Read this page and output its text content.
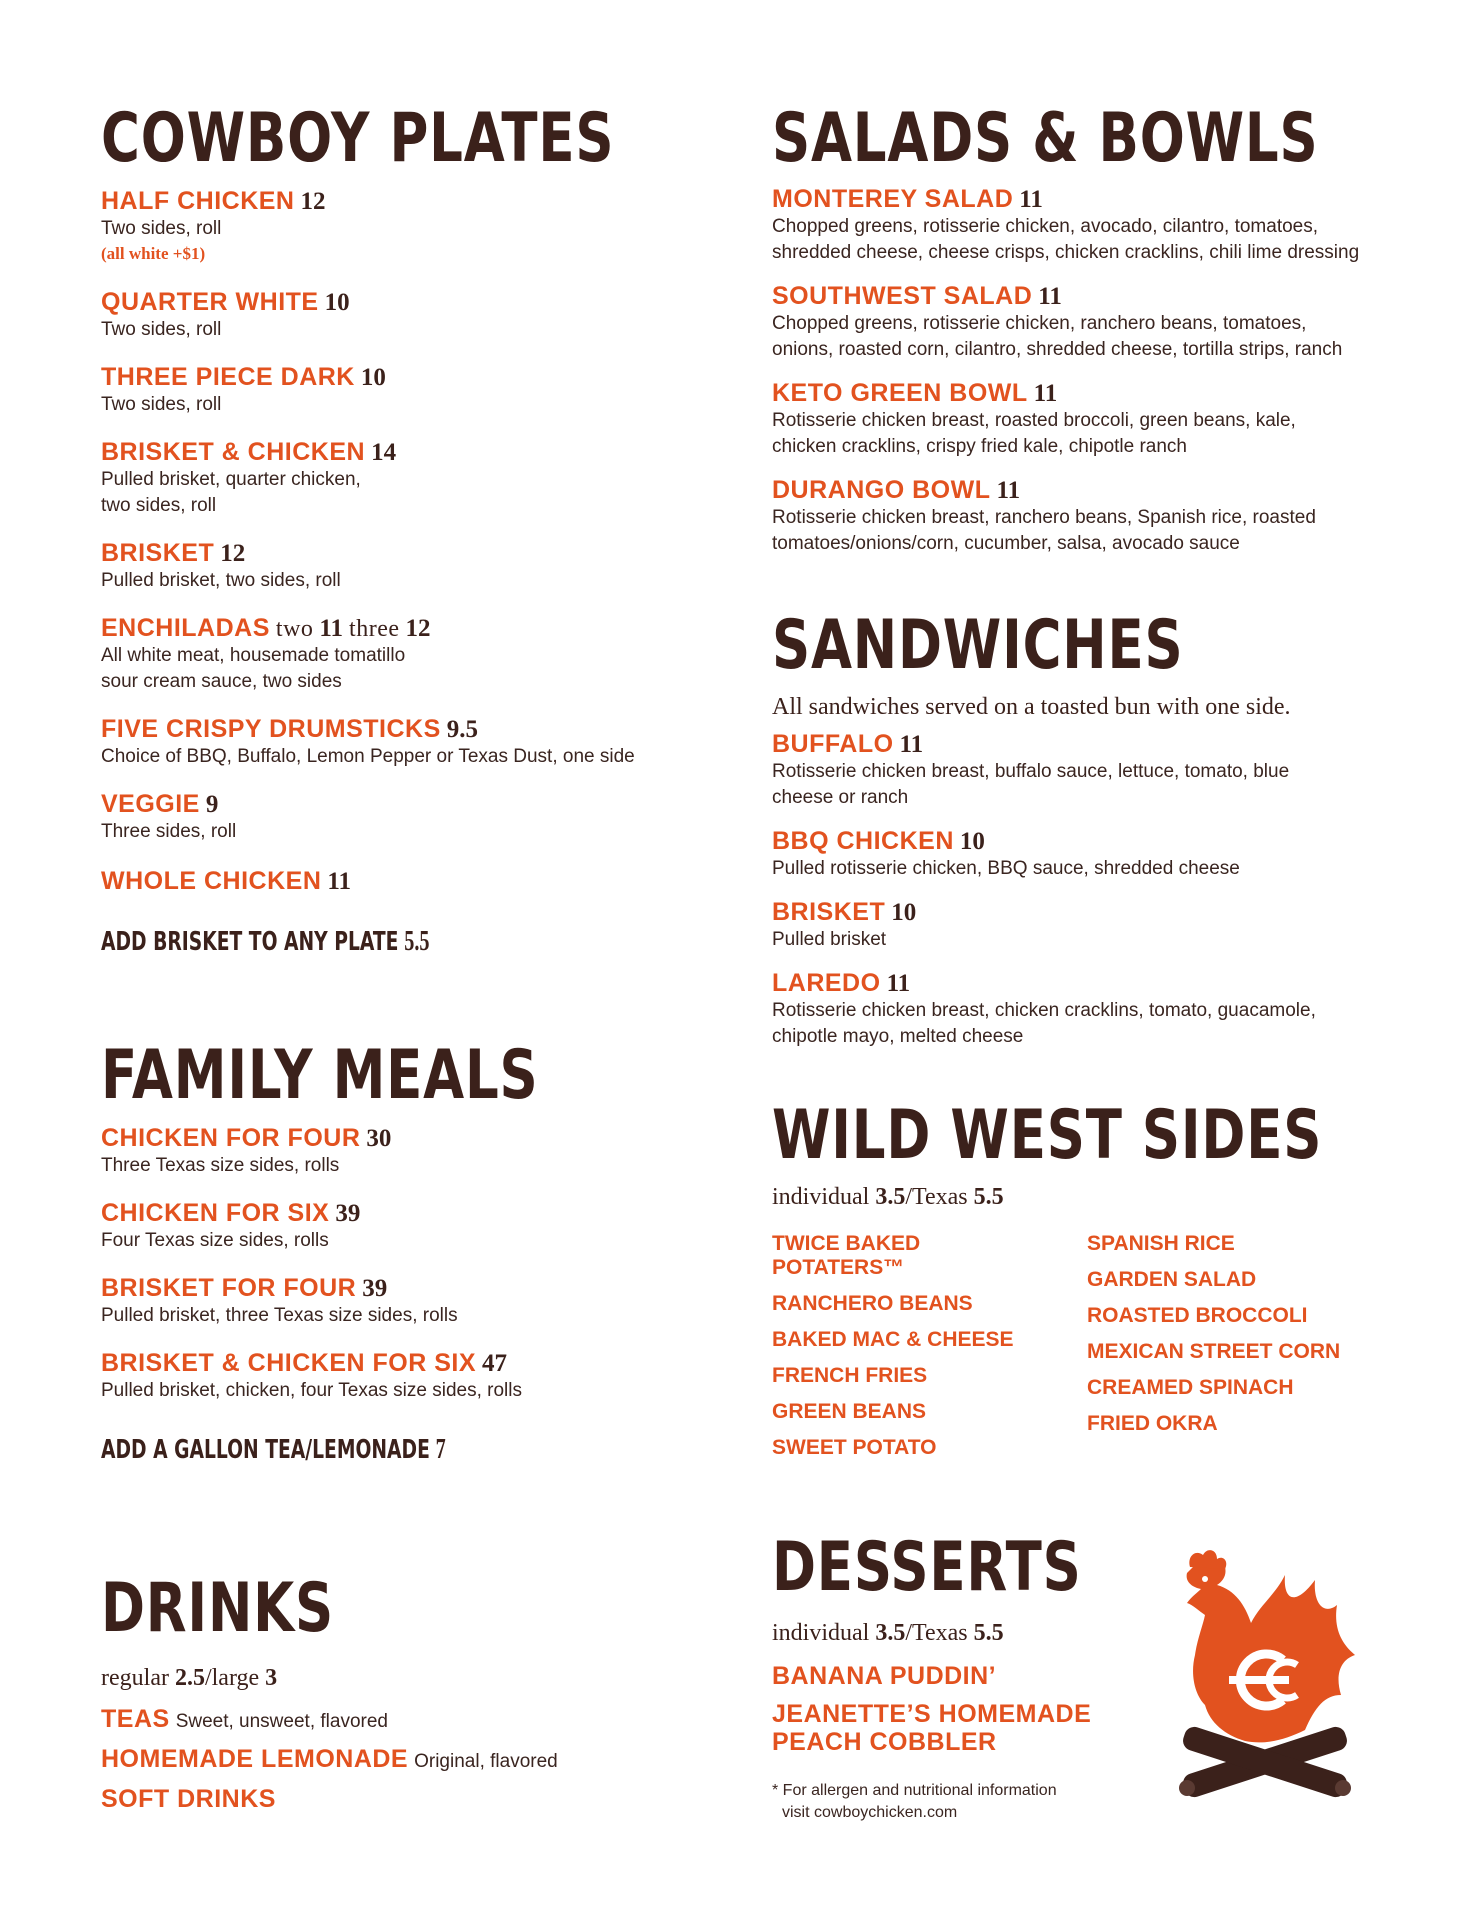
COWBOY PLATES
HALF CHICKEN 12
Two sides, roll
(all white +$1)
QUARTER WHITE 10
Two sides, roll
THREE PIECE DARK 10
Two sides, roll
BRISKET & CHICKEN 14
Pulled brisket, quarter chicken,
two sides, roll
BRISKET 12
Pulled brisket, two sides, roll
ENCHILADAS two 11 three 12
All white meat, housemade tomatillo
sour cream sauce, two sides
FIVE CRISPY DRUMSTICKS 9.5
Choice of BBQ, Buffalo, Lemon Pepper or Texas Dust, one side
VEGGIE 9
Three sides, roll
WHOLE CHICKEN 11
ADD BRISKET TO ANY PLATE 5.5
FAMILY MEALS
CHICKEN FOR FOUR 30
Three Texas size sides, rolls
CHICKEN FOR SIX 39
Four Texas size sides, rolls
BRISKET FOR FOUR 39
Pulled brisket, three Texas size sides, rolls
BRISKET & CHICKEN FOR SIX 47
Pulled brisket, chicken, four Texas size sides, rolls
ADD A GALLON TEA/LEMONADE 7
DRINKS
regular 2.5/large 3
TEAS Sweet, unsweet, flavored
HOMEMADE LEMONADE Original, flavored
SOFT DRINKS
SALADS & BOWLS
MONTEREY SALAD 11
Chopped greens, rotisserie chicken, avocado, cilantro, tomatoes,
shredded cheese, cheese crisps, chicken cracklins, chili lime dressing
SOUTHWEST SALAD 11
Chopped greens, rotisserie chicken, ranchero beans, tomatoes,
onions, roasted corn, cilantro, shredded cheese, tortilla strips, ranch
KETO GREEN BOWL 11
Rotisserie chicken breast, roasted broccoli, green beans, kale,
chicken cracklins, crispy fried kale, chipotle ranch
DURANGO BOWL 11
Rotisserie chicken breast, ranchero beans, Spanish rice, roasted
tomatoes/onions/corn, cucumber, salsa, avocado sauce
SANDWICHES
All sandwiches served on a toasted bun with one side.
BUFFALO 11
Rotisserie chicken breast, buffalo sauce, lettuce, tomato, blue
cheese or ranch
BBQ CHICKEN 10
Pulled rotisserie chicken, BBQ sauce, shredded cheese
BRISKET 10
Pulled brisket
LAREDO 11
Rotisserie chicken breast, chicken cracklins, tomato, guacamole,
chipotle mayo, melted cheese
WILD WEST SIDES
individual 3.5/Texas 5.5
TWICE BAKED
POTATERS™
RANCHERO BEANS
BAKED MAC & CHEESE
FRENCH FRIES
GREEN BEANS
SWEET POTATO
SPANISH RICE
GARDEN SALAD
ROASTED BROCCOLI
MEXICAN STREET CORN
CREAMED SPINACH
FRIED OKRA
DESSERTS
individual 3.5/Texas 5.5
BANANA PUDDIN’
JEANETTE’S HOMEMADE
PEACH COBBLER
* For allergen and nutritional information
visit cowboychicken.com
